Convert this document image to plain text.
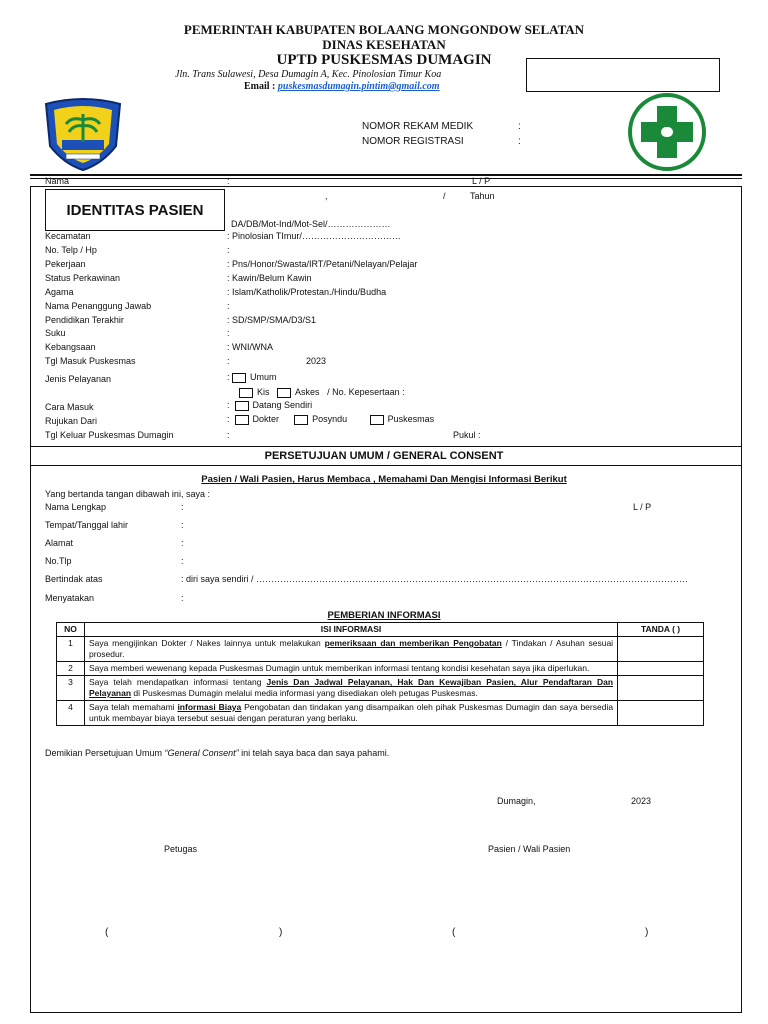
PEMERINTAH KABUPATEN BOLAANG MONGONDOW SELATAN
DINAS KESEHATAN
UPTD PUSKESMAS DUMAGIN
Jln. Trans Sulawesi, Desa Dumagin A, Kec. Pinolosian Timur Koa
Email : puskesmasdumagin.pintim@gmail.com
NOMOR REKAM MEDIK	:
NOMOR REGISTRASI	:
Nama	:	L / P
IDENTITAS PASIEN
,	/	Tahun
DA/DB/Mot-Ind/Mot-Sel/…………………
Kecamatan	: Pinolosian TImur/……………………………
No. Telp / Hp	:
Pekerjaan	: Pns/Honor/Swasta/IRT/Petani/Nelayan/Pelajar
Status Perkawinan	: Kawin/Belum Kawin
Agama	: Islam/Katholik/Protestan./Hindu/Budha
Nama Penanggung Jawab	:
Pendidikan Terakhir	: SD/SMP/SMA/D3/S1
Suku	:
Kebangsaan	: WNI/WNA
Tgl Masuk Puskesmas	:	2023
Jenis Pelayanan	: Umum
Kis	Askes / No. Kepesertaan :
Cara Masuk	:	Datang Sendiri
Rujukan Dari	:	Dokter	Posyndu	Puskesmas
Tgl Keluar Puskesmas Dumagin	:	Pukul :
PERSETUJUAN UMUM / GENERAL CONSENT
Pasien / Wali Pasien, Harus Membaca , Memahami Dan Mengisi Informasi Berikut
Yang bertanda tangan dibawah ini, saya :
Nama Lengkap	:	L / P
Tempat/Tanggal lahir	:
Alamat	:
No.Tlp	:
Bertindak atas	: diri saya sendiri / ………………………………………………………………………………………………………………………………
Menyatakan	:
PEMBERIAN INFORMASI
NO	ISI INFORMASI	TANDA ( )
1	Saya mengijinkan Dokter / Nakes lainnya untuk melakukan pemeriksaan dan memberikan Pengobatan / Tindakan / Asuhan sesuai prosedur.	
2	Saya memberi wewenang kepada Puskesmas Dumagin untuk memberikan informasi tentang kondisi kesehatan saya jika diperlukan.	
3	Saya telah mendapatkan informasi tentang Jenis Dan Jadwal Pelayanan, Hak Dan Kewajiban Pasien, Alur Pendaftaran Dan Pelayanan di Puskesmas Dumagin melalui media informasi yang disediakan oleh petugas Puskesmas.	
4	Saya telah memahami informasi Biaya Pengobatan dan tindakan yang disampaikan oleh pihak Puskesmas Dumagin dan saya bersedia untuk membayar biaya tersebut sesuai dengan peraturan yang berlaku.	
Demikian Persetujuan Umum “General Consent” ini telah saya baca dan saya pahami.
Dumagin,	2023
Petugas	Pasien / Wali Pasien
(	)	(	)
